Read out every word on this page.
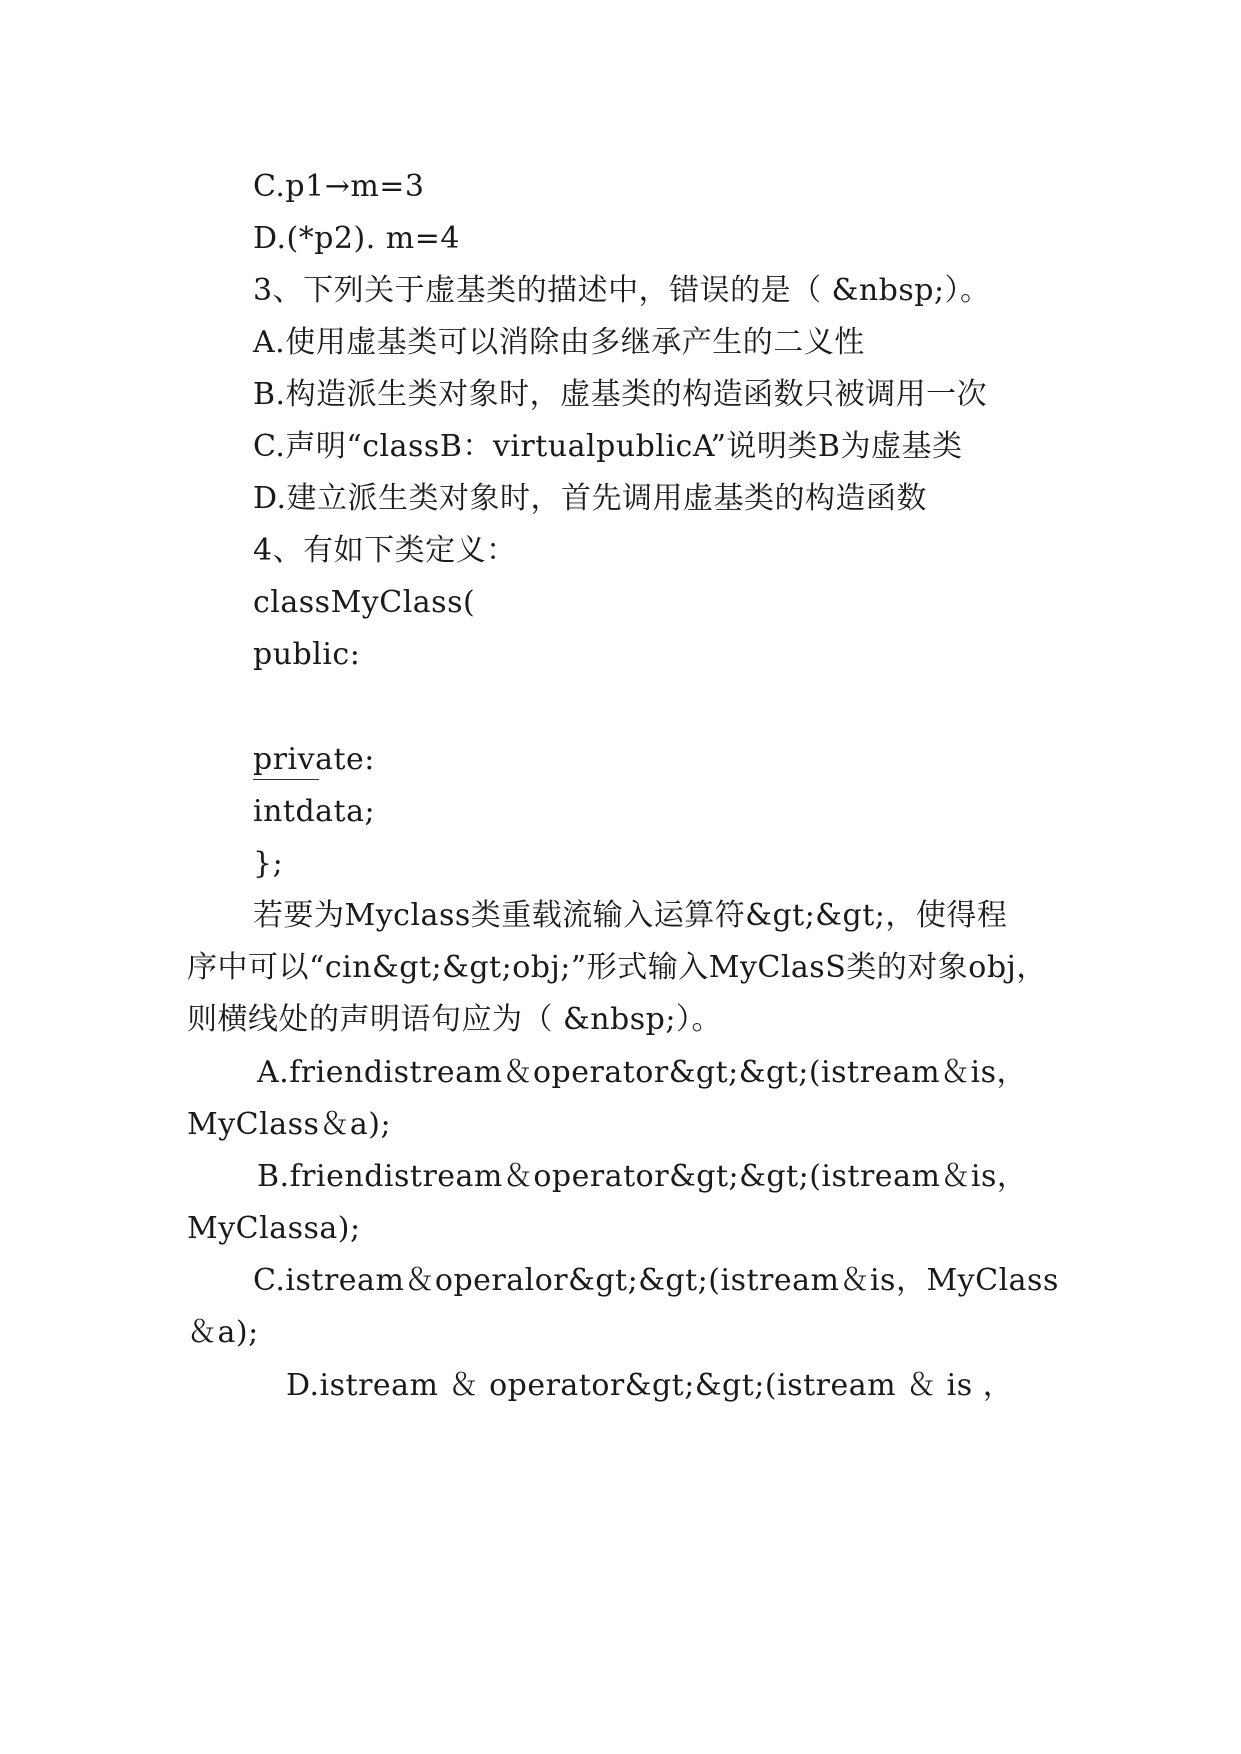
C.p1→m=3
D.(*p2). m=4
3、下列关于虚基类的描述中，错误的是（ &nbsp;）。
A.使用虚基类可以消除由多继承产生的二义性
B.构造派生类对象时，虚基类的构造函数只被调用一次
C.声明“classB：virtualpublicA”说明类B为虚基类
D.建立派生类对象时，首先调用虚基类的构造函数
4、有如下类定义：
classMyClass(
public:
private:
intdata;
};
若要为Myclass类重载流输入运算符&gt;&gt;，使得程
序中可以“cin&gt;&gt;obj;”形式输入MyClasS类的对象obj，
则横线处的声明语句应为（ &nbsp;）。
A.friendistream＆operator&gt;&gt;(istream＆is，
MyClass＆a);
B.friendistream＆operator&gt;&gt;(istream＆is，
MyClassa);
C.istream＆operalor&gt;&gt;(istream＆is，MyClass
＆a);
D.istream ＆ operator&gt;&gt;(istream ＆ is ，
